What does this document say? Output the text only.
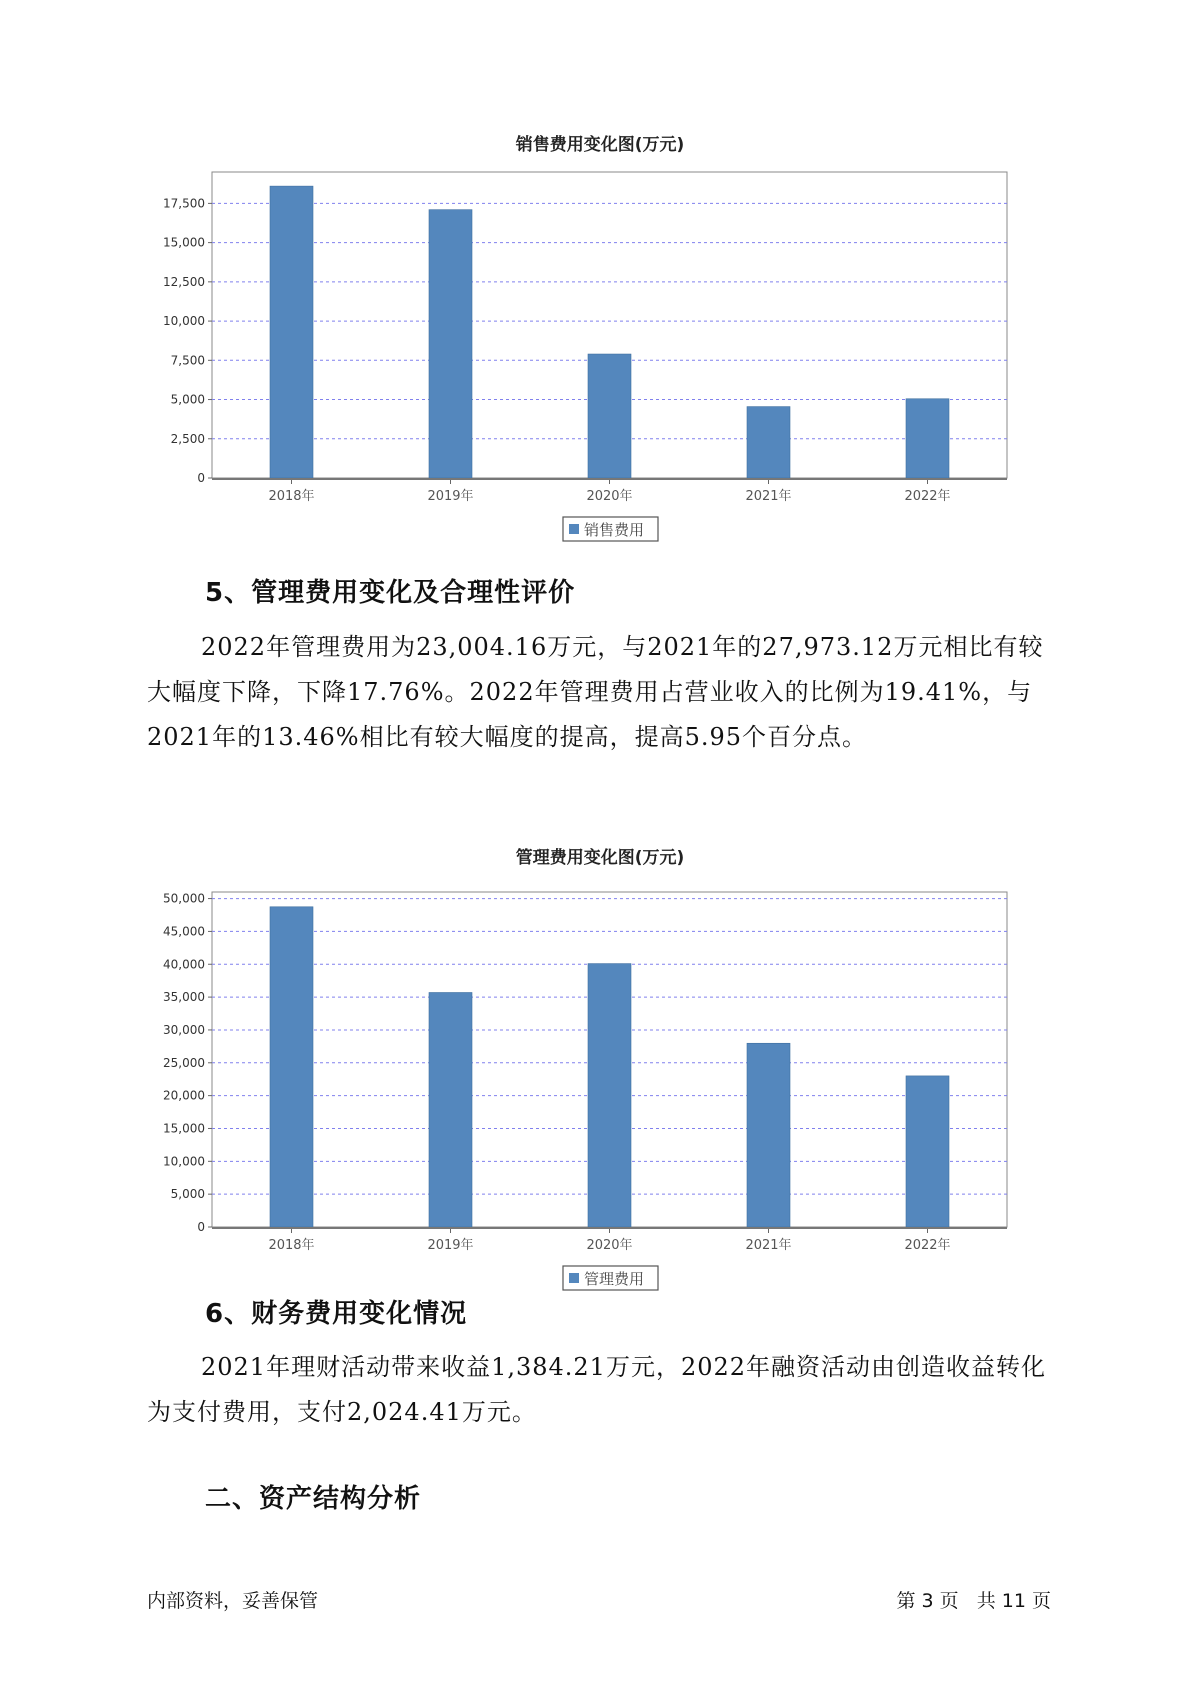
销售费用变化图(万元)
0
2,500
5,000
7,500
10,000
12,500
15,000
17,500
2018年	2019年	2020年	2021年	2022年
销售费用
5、管理费用变化及合理性评价

2022年管理费用为23,004.16万元，与2021年的27,973.12万元相比有较大幅度下降，下降17.76%。2022年管理费用占营业收入的比例为19.41%，与2021年的13.46%相比有较大幅度的提高，提高5.95个百分点。

管理费用变化图(万元)
0
5,000
10,000
15,000
20,000
25,000
30,000
35,000
40,000
45,000
50,000
2018年	2019年	2020年	2021年	2022年
管理费用
6、财务费用变化情况

2021年理财活动带来收益1,384.21万元，2022年融资活动由创造收益转化为支付费用，支付2,024.41万元。

二、资产结构分析
内部资料，妥善保管	第 3 页   共 11 页
